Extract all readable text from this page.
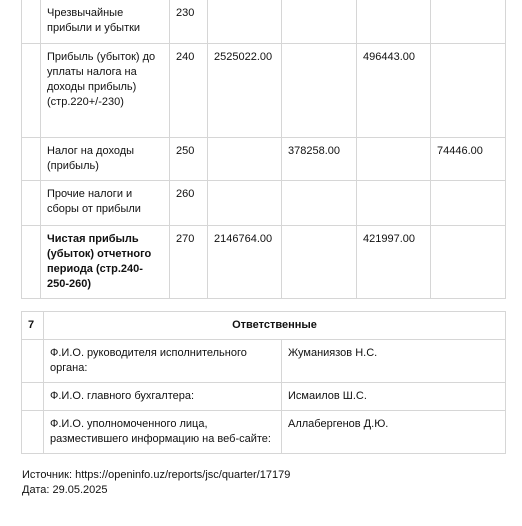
	Чрезвычайные прибыли и убытки	230				
	Прибыль (убыток) до уплаты налога на доходы прибыль) (стр.220+/-230)	240	2525022.00		496443.00	
	Налог на доходы (прибыль)	250		378258.00		74446.00
	Прочие налоги и сборы от прибыли	260				
	Чистая прибыль (убыток) отчетного периода (стр.240-250-260)	270	2146764.00		421997.00	
7	Ответственные	
	Ф.И.О. руководителя исполнительного органа:	Жуманиязов Н.С.
	Ф.И.О. главного бухгалтера:	Исмаилов Ш.С.
	Ф.И.О. уполномоченного лица, разместившего информацию на веб-сайте:	Аллабергенов Д.Ю.
Источник: https://openinfo.uz/reports/jsc/quarter/17179
Дата: 29.05.2025
